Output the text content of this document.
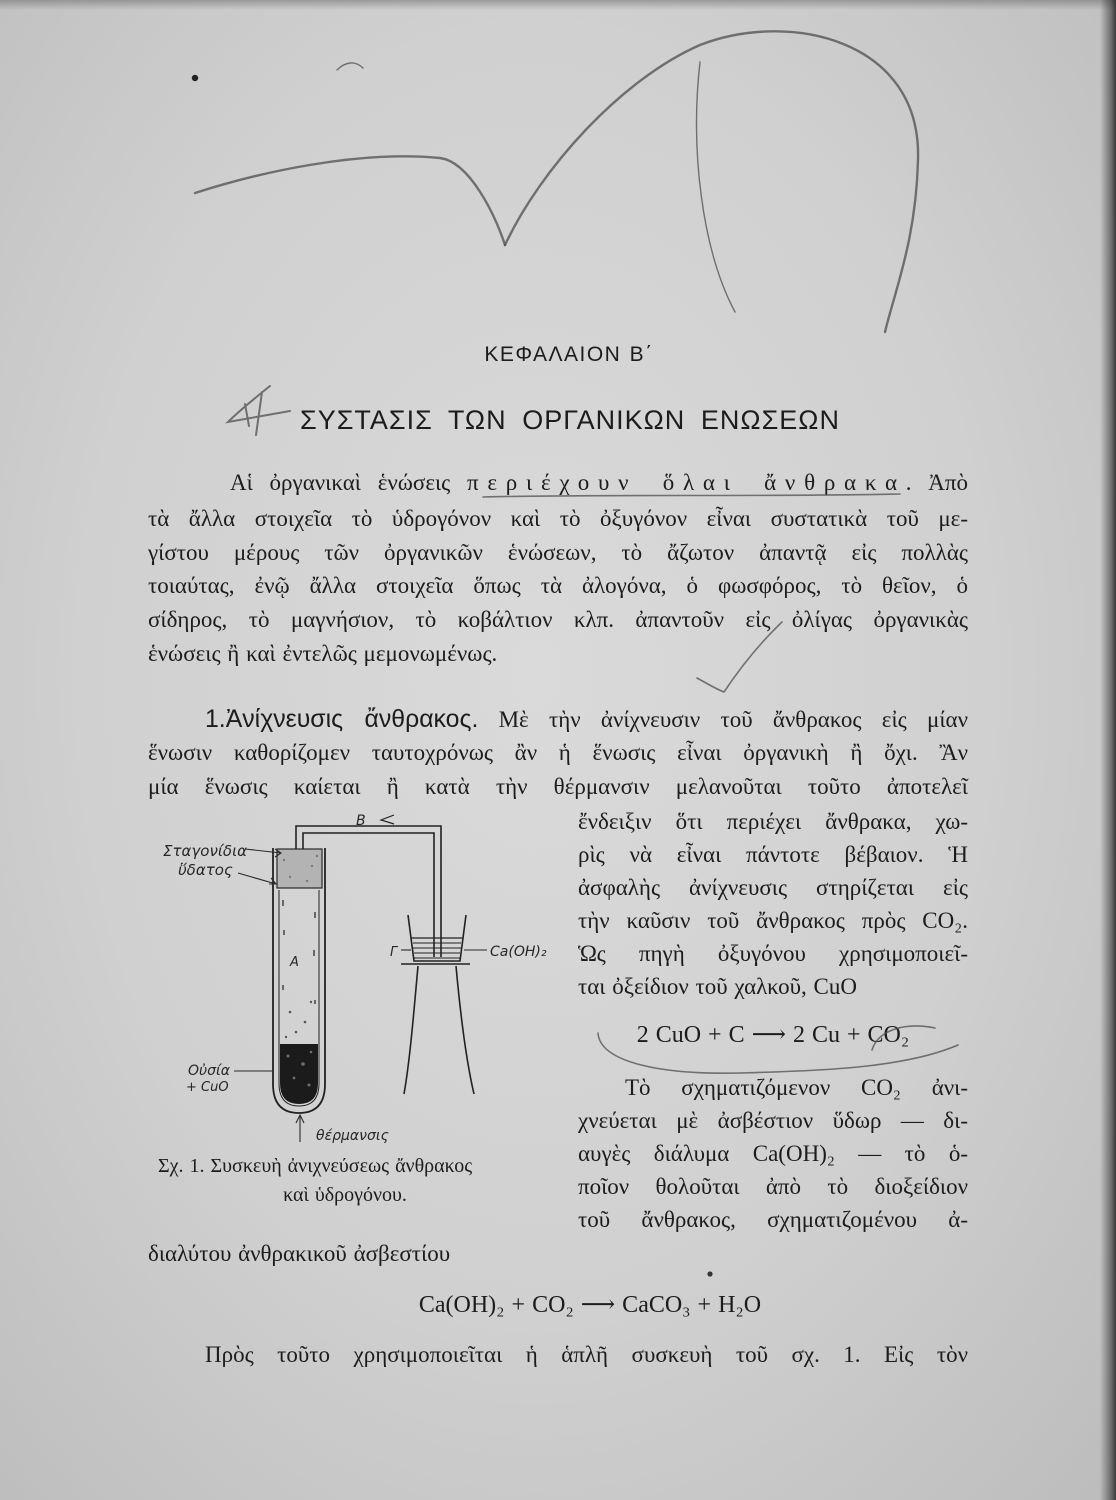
ΚΕΦΑΛΑΙΟΝ Β΄
ΣΥΣΤΑΣΙΣ ΤΩΝ ΟΡΓΑΝΙΚΩΝ ΕΝΩΣΕΩΝ
Αἱ ὀργανικαὶ ἑνώσεις περιέχουν ὅλαι ἄνθρακα. Ἀπὸ
τὰ ἄλλα στοιχεῖα τὸ ὑδρογόνον καὶ τὸ ὀξυγόνον εἶναι συστατικὰ τοῦ με-
γίστου μέρους τῶν ὀργανικῶν ἑνώσεων, τὸ ἄζωτον ἀπαντᾷ εἰς πολλὰς
τοιαύτας, ἐνῷ ἄλλα στοιχεῖα ὅπως τὰ ἀλογόνα, ὁ φωσφόρος, τὸ θεῖον, ὁ
σίδηρος, τὸ μαγνήσιον, τὸ κοβάλτιον κλπ. ἀπαντοῦν εἰς ὀλίγας ὀργανικὰς
ἑνώσεις ἢ καὶ ἐντελῶς μεμονωμένως.
1.Ἀνίχνευσις ἄνθρακος. Μὲ τὴν ἀνίχνευσιν τοῦ ἄνθρακος εἰς μίαν
ἕνωσιν καθορίζομεν ταυτοχρόνως ἂν ἡ ἕνωσις εἶναι ὀργανικὴ ἢ ὄχι. Ἂν
μία ἕνωσις καίεται ἢ κατὰ τὴν θέρμανσιν μελανοῦται τοῦτο ἀποτελεῖ
ἔνδειξιν ὅτι περιέχει ἄνθρακα, χω-
ρὶς νὰ εἶναι πάντοτε βέβαιον. Ἡ
ἀσφαλὴς ἀνίχνευσις στηρίζεται εἰς
τὴν καῦσιν τοῦ ἄνθρακος πρὸς CO₂.
Ὡς πηγὴ ὀξυγόνου χρησιμοποιεῖ-
ται ὀξείδιον τοῦ χαλκοῦ, CuO
2 CuO + C ⟶ 2 Cu + CO₂
Τὸ σχηματιζόμενον CO₂ ἀνι-
χνεύεται μὲ ἀσβέστιον ὕδωρ — δι-
αυγὲς διάλυμα Ca(OH)₂ — τὸ ὁ-
ποῖον θολοῦται ἀπὸ τὸ διοξείδιον
τοῦ ἄνθρακος, σχηματιζομένου ἀ-
διαλύτου ἀνθρακικοῦ ἀσβεστίου
Ca(OH)₂ + CO₂ ⟶ CaCO₃ + H₂O
Πρὸς τοῦτο χρησιμοποιεῖται ἡ ἁπλῆ συσκευὴ τοῦ σχ. 1. Εἰς τὸν
Σχ. 1. Συσκευὴ ἀνιχνεύσεως ἄνθρακος
καὶ ὑδρογόνου.
Σταγονίδια
ὕδατος
B
A
Γ	Ca(OH)₂
Οὐσία
+ CuO
θέρμανσις
